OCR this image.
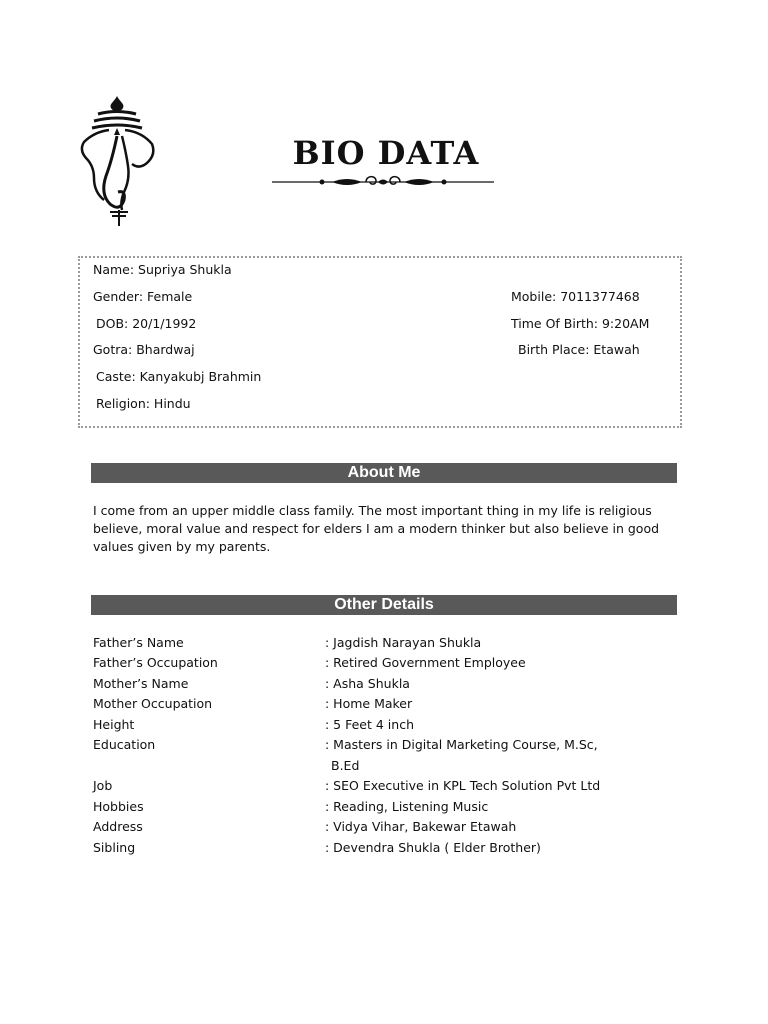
BIO DATA
Name: Supriya Shukla
Gender: Female	Mobile: 7011377468
DOB: 20/1/1992	Time Of Birth: 9:20AM
Gotra: Bhardwaj	Birth Place: Etawah
Caste: Kanyakubj Brahmin
Religion: Hindu
About Me
I come from an upper middle class family. The most important thing in my life is religious believe, moral value and respect for elders I am a modern thinker but also believe in good values given by my parents.
Other Details
Father’s Name	: Jagdish Narayan Shukla
Father’s Occupation	: Retired Government Employee
Mother’s Name	: Asha Shukla
Mother Occupation	: Home Maker
Height	: 5 Feet 4 inch
Education	: Masters in Digital Marketing Course, M.Sc,
B.Ed
Job	: SEO Executive in KPL Tech Solution Pvt Ltd
Hobbies	: Reading, Listening Music
Address	: Vidya Vihar, Bakewar Etawah
Sibling	: Devendra Shukla ( Elder Brother)
